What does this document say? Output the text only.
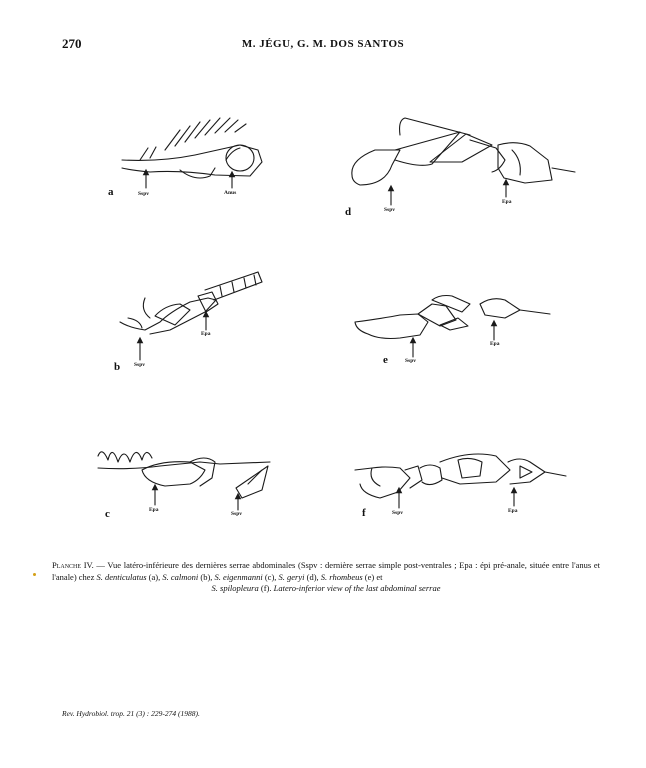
270	M. JÉGU, G. M. DOS SANTOS
a	Sspv	Anus
d	Sspv
Epa
b	Sspv
Epa
e	Sspv
Epa
c	Epa
Sspv	f	Sspv	Epa
Planche IV. — Vue latéro-inférieure des dernières serrae abdominales (Sspv : dernière serrae simple post-ventrales ; Epa : épi pré-anale, située entre l'anus et l'anale) chez S. denticulatus (a), S. calmoni (b), S. eigenmanni (c), S. geryi (d), S. rhombeus (e) et
S. spilopleura (f). Latero-inferior view of the last abdominal serrae
Rev. Hydrobiol. trop. 21 (3) : 229-274 (1988).
